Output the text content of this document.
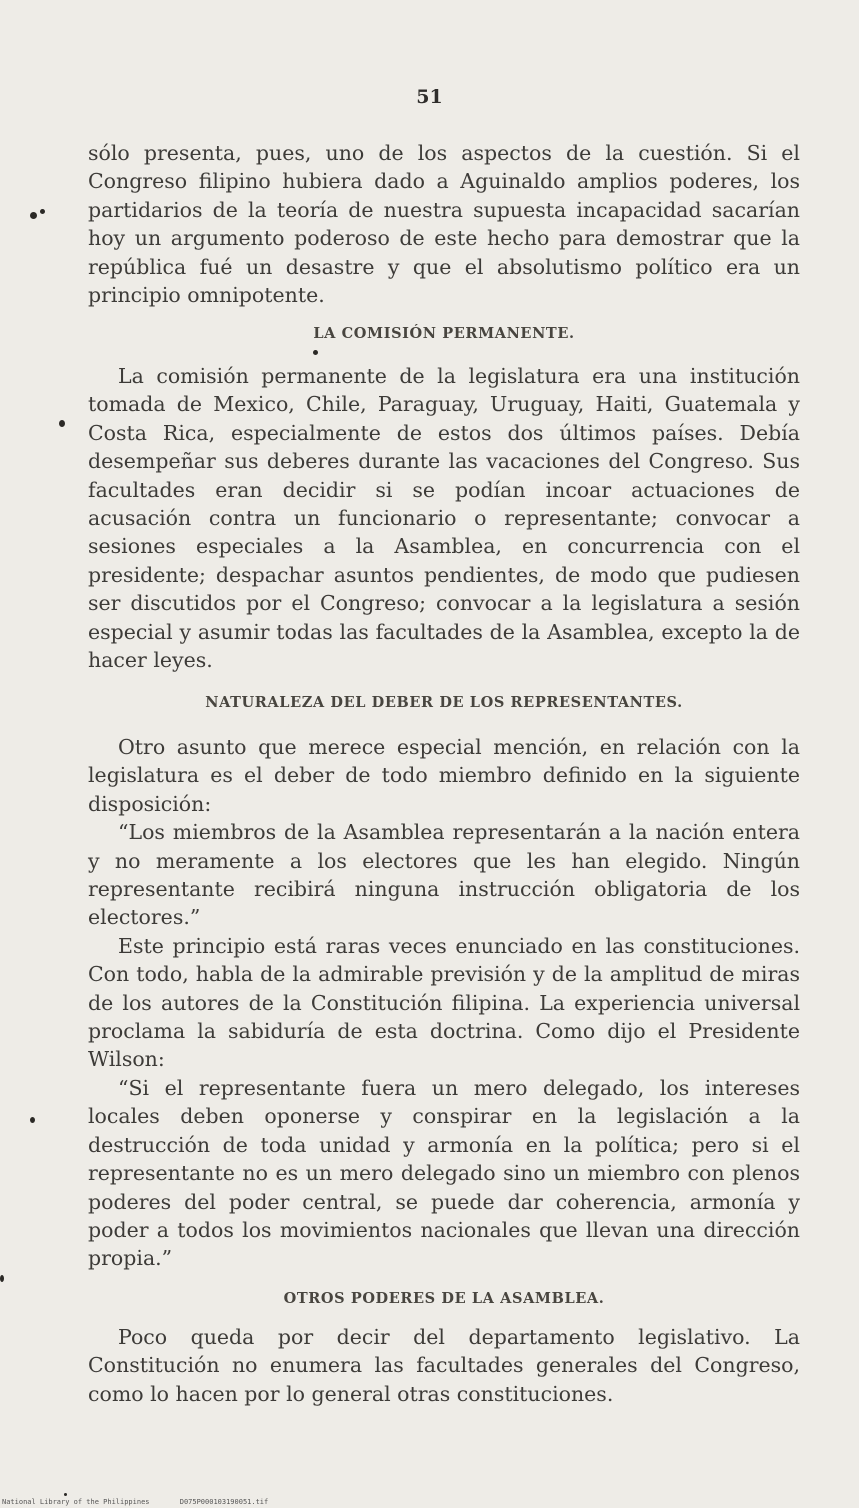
51

sólo presenta, pues, uno de los aspectos de la cuestión. Si el Congreso filipino hubiera dado a Aguinaldo amplios poderes, los partidarios de la teoría de nuestra supuesta incapacidad sacarían hoy un argumento poderoso de este hecho para demostrar que la república fué un desastre y que el absolutismo político era un principio omnipotente.

LA COMISIÓN PERMANENTE.

La comisión permanente de la legislatura era una institución tomada de Mexico, Chile, Paraguay, Uruguay, Haiti, Guatemala y Costa Rica, especialmente de estos dos últimos países. Debía desempeñar sus deberes durante las vacaciones del Congreso. Sus facultades eran decidir si se podían incoar actuaciones de acusación contra un funcionario o representante; convocar a sesiones especiales a la Asamblea, en concurrencia con el presidente; despachar asuntos pendientes, de modo que pudiesen ser discutidos por el Congreso; convocar a la legislatura a sesión especial y asumir todas las facultades de la Asamblea, excepto la de hacer leyes.

NATURALEZA DEL DEBER DE LOS REPRESENTANTES.

Otro asunto que merece especial mención, en relación con la legislatura es el deber de todo miembro definido en la siguiente disposición:

“Los miembros de la Asamblea representarán a la nación entera y no meramente a los electores que les han elegido. Ningún representante recibirá ninguna instrucción obligatoria de los electores.”

Este principio está raras veces enunciado en las constituciones. Con todo, habla de la admirable previsión y de la amplitud de miras de los autores de la Constitución filipina. La experiencia universal proclama la sabiduría de esta doctrina. Como dijo el Presidente Wilson:

“Si el representante fuera un mero delegado, los intereses locales deben oponerse y conspirar en la legislación a la destrucción de toda unidad y armonía en la política; pero si el representante no es un mero delegado sino un miembro con plenos poderes del poder central, se puede dar coherencia, armonía y poder a todos los movimientos nacionales que llevan una dirección propia.”

OTROS PODERES DE LA ASAMBLEA.

Poco queda por decir del departamento legislativo. La Constitución no enumera las facultades generales del Congreso, como lo hacen por lo general otras constituciones.

National Library of the Philippines	D075P000103190051.tif
